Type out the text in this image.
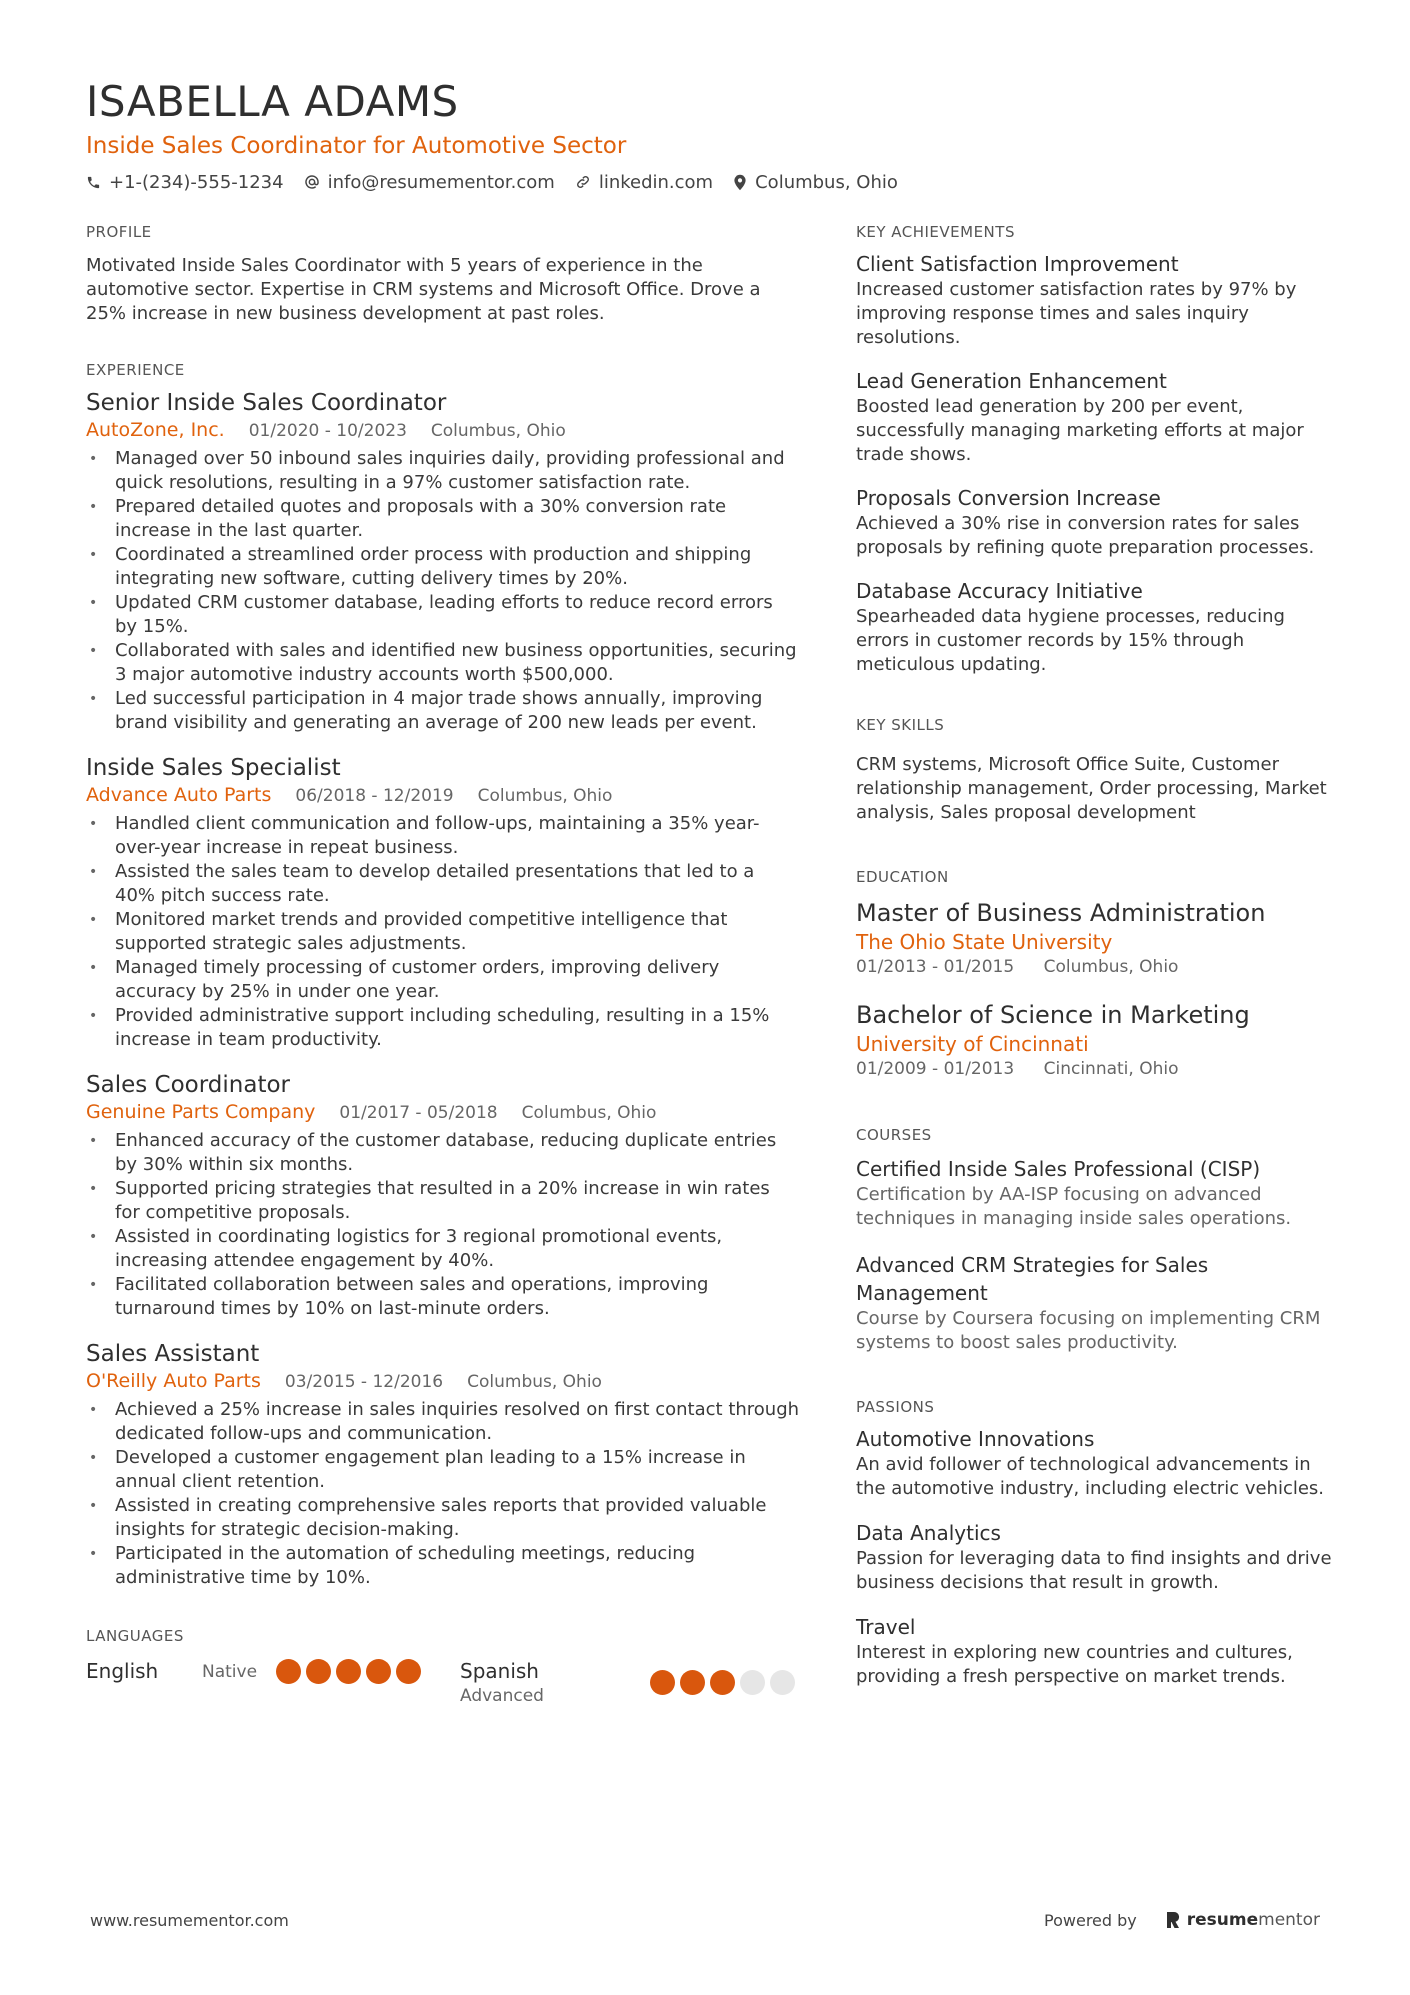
ISABELLA ADAMS
Inside Sales Coordinator for Automotive Sector
+1-(234)-555-1234 info@resumementor.com linkedin.com Columbus, Ohio
PROFILE

Motivated Inside Sales Coordinator with 5 years of experience in the automotive sector. Expertise in CRM systems and Microsoft Office. Drove a 25% increase in new business development at past roles.

EXPERIENCE
Senior Inside Sales Coordinator
AutoZone, Inc. 01/2020 - 10/2023 Columbus, Ohio
• Managed over 50 inbound sales inquiries daily, providing professional and quick resolutions, resulting in a 97% customer satisfaction rate.
• Prepared detailed quotes and proposals with a 30% conversion rate increase in the last quarter.
• Coordinated a streamlined order process with production and shipping integrating new software, cutting delivery times by 20%.
• Updated CRM customer database, leading efforts to reduce record errors by 15%.
• Collaborated with sales and identified new business opportunities, securing 3 major automotive industry accounts worth $500,000.
• Led successful participation in 4 major trade shows annually, improving brand visibility and generating an average of 200 new leads per event.
Inside Sales Specialist
Advance Auto Parts 06/2018 - 12/2019 Columbus, Ohio
• Handled client communication and follow-ups, maintaining a 35% year-over-year increase in repeat business.
• Assisted the sales team to develop detailed presentations that led to a 40% pitch success rate.
• Monitored market trends and provided competitive intelligence that supported strategic sales adjustments.
• Managed timely processing of customer orders, improving delivery accuracy by 25% in under one year.
• Provided administrative support including scheduling, resulting in a 15% increase in team productivity.
Sales Coordinator
Genuine Parts Company 01/2017 - 05/2018 Columbus, Ohio
• Enhanced accuracy of the customer database, reducing duplicate entries by 30% within six months.
• Supported pricing strategies that resulted in a 20% increase in win rates for competitive proposals.
• Assisted in coordinating logistics for 3 regional promotional events, increasing attendee engagement by 40%.
• Facilitated collaboration between sales and operations, improving turnaround times by 10% on last-minute orders.
Sales Assistant
O'Reilly Auto Parts 03/2015 - 12/2016 Columbus, Ohio
• Achieved a 25% increase in sales inquiries resolved on first contact through dedicated follow-ups and communication.
• Developed a customer engagement plan leading to a 15% increase in annual client retention.
• Assisted in creating comprehensive sales reports that provided valuable insights for strategic decision-making.
• Participated in the automation of scheduling meetings, reducing administrative time by 10%.
LANGUAGES
English	Native	Spanish
Advanced
KEY ACHIEVEMENTS
Client Satisfaction Improvement
Increased customer satisfaction rates by 97% by improving response times and sales inquiry resolutions.
Lead Generation Enhancement
Boosted lead generation by 200 per event, successfully managing marketing efforts at major trade shows.
Proposals Conversion Increase
Achieved a 30% rise in conversion rates for sales proposals by refining quote preparation processes.
Database Accuracy Initiative
Spearheaded data hygiene processes, reducing errors in customer records by 15% through meticulous updating.
KEY SKILLS
CRM systems, Microsoft Office Suite, Customer relationship management, Order processing, Market analysis, Sales proposal development
EDUCATION
Master of Business Administration
The Ohio State University
01/2013 - 01/2015 Columbus, Ohio
Bachelor of Science in Marketing
University of Cincinnati
01/2009 - 01/2013 Cincinnati, Ohio
COURSES
Certified Inside Sales Professional (CISP)
Certification by AA-ISP focusing on advanced techniques in managing inside sales operations.
Advanced CRM Strategies for Sales Management
Course by Coursera focusing on implementing CRM systems to boost sales productivity.
PASSIONS
Automotive Innovations
An avid follower of technological advancements in the automotive industry, including electric vehicles.
Data Analytics
Passion for leveraging data to find insights and drive business decisions that result in growth.
Travel
Interest in exploring new countries and cultures, providing a fresh perspective on market trends.
www.resumementor.com	Powered by	resume mentor
